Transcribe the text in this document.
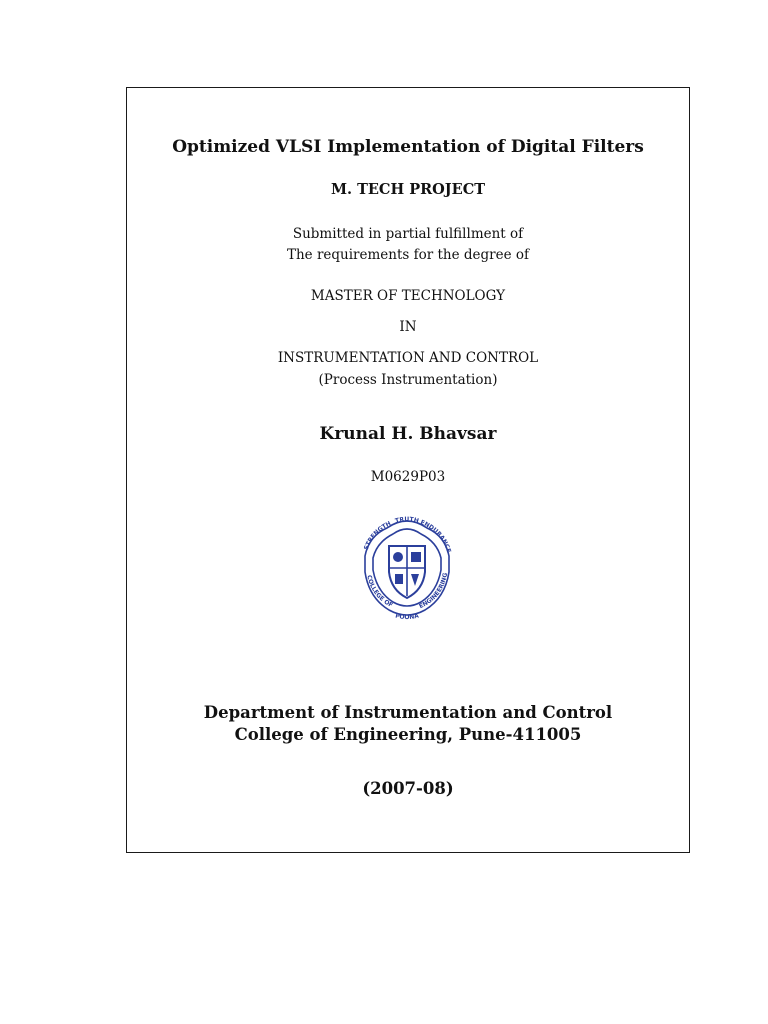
Optimized VLSI Implementation of Digital Filters
M. TECH PROJECT
Submitted in partial fulfillment of
The requirements for the degree of
MASTER OF TECHNOLOGY
IN
INSTRUMENTATION AND CONTROL
(Process Instrumentation)
Krunal H. Bhavsar
M0629P03
TRUTH
STRENGTH	ENDURANCE
COLLEGE OF	ENGINEERING
POONA
Department of Instrumentation and Control
College of Engineering, Pune-411005
(2007-08)
